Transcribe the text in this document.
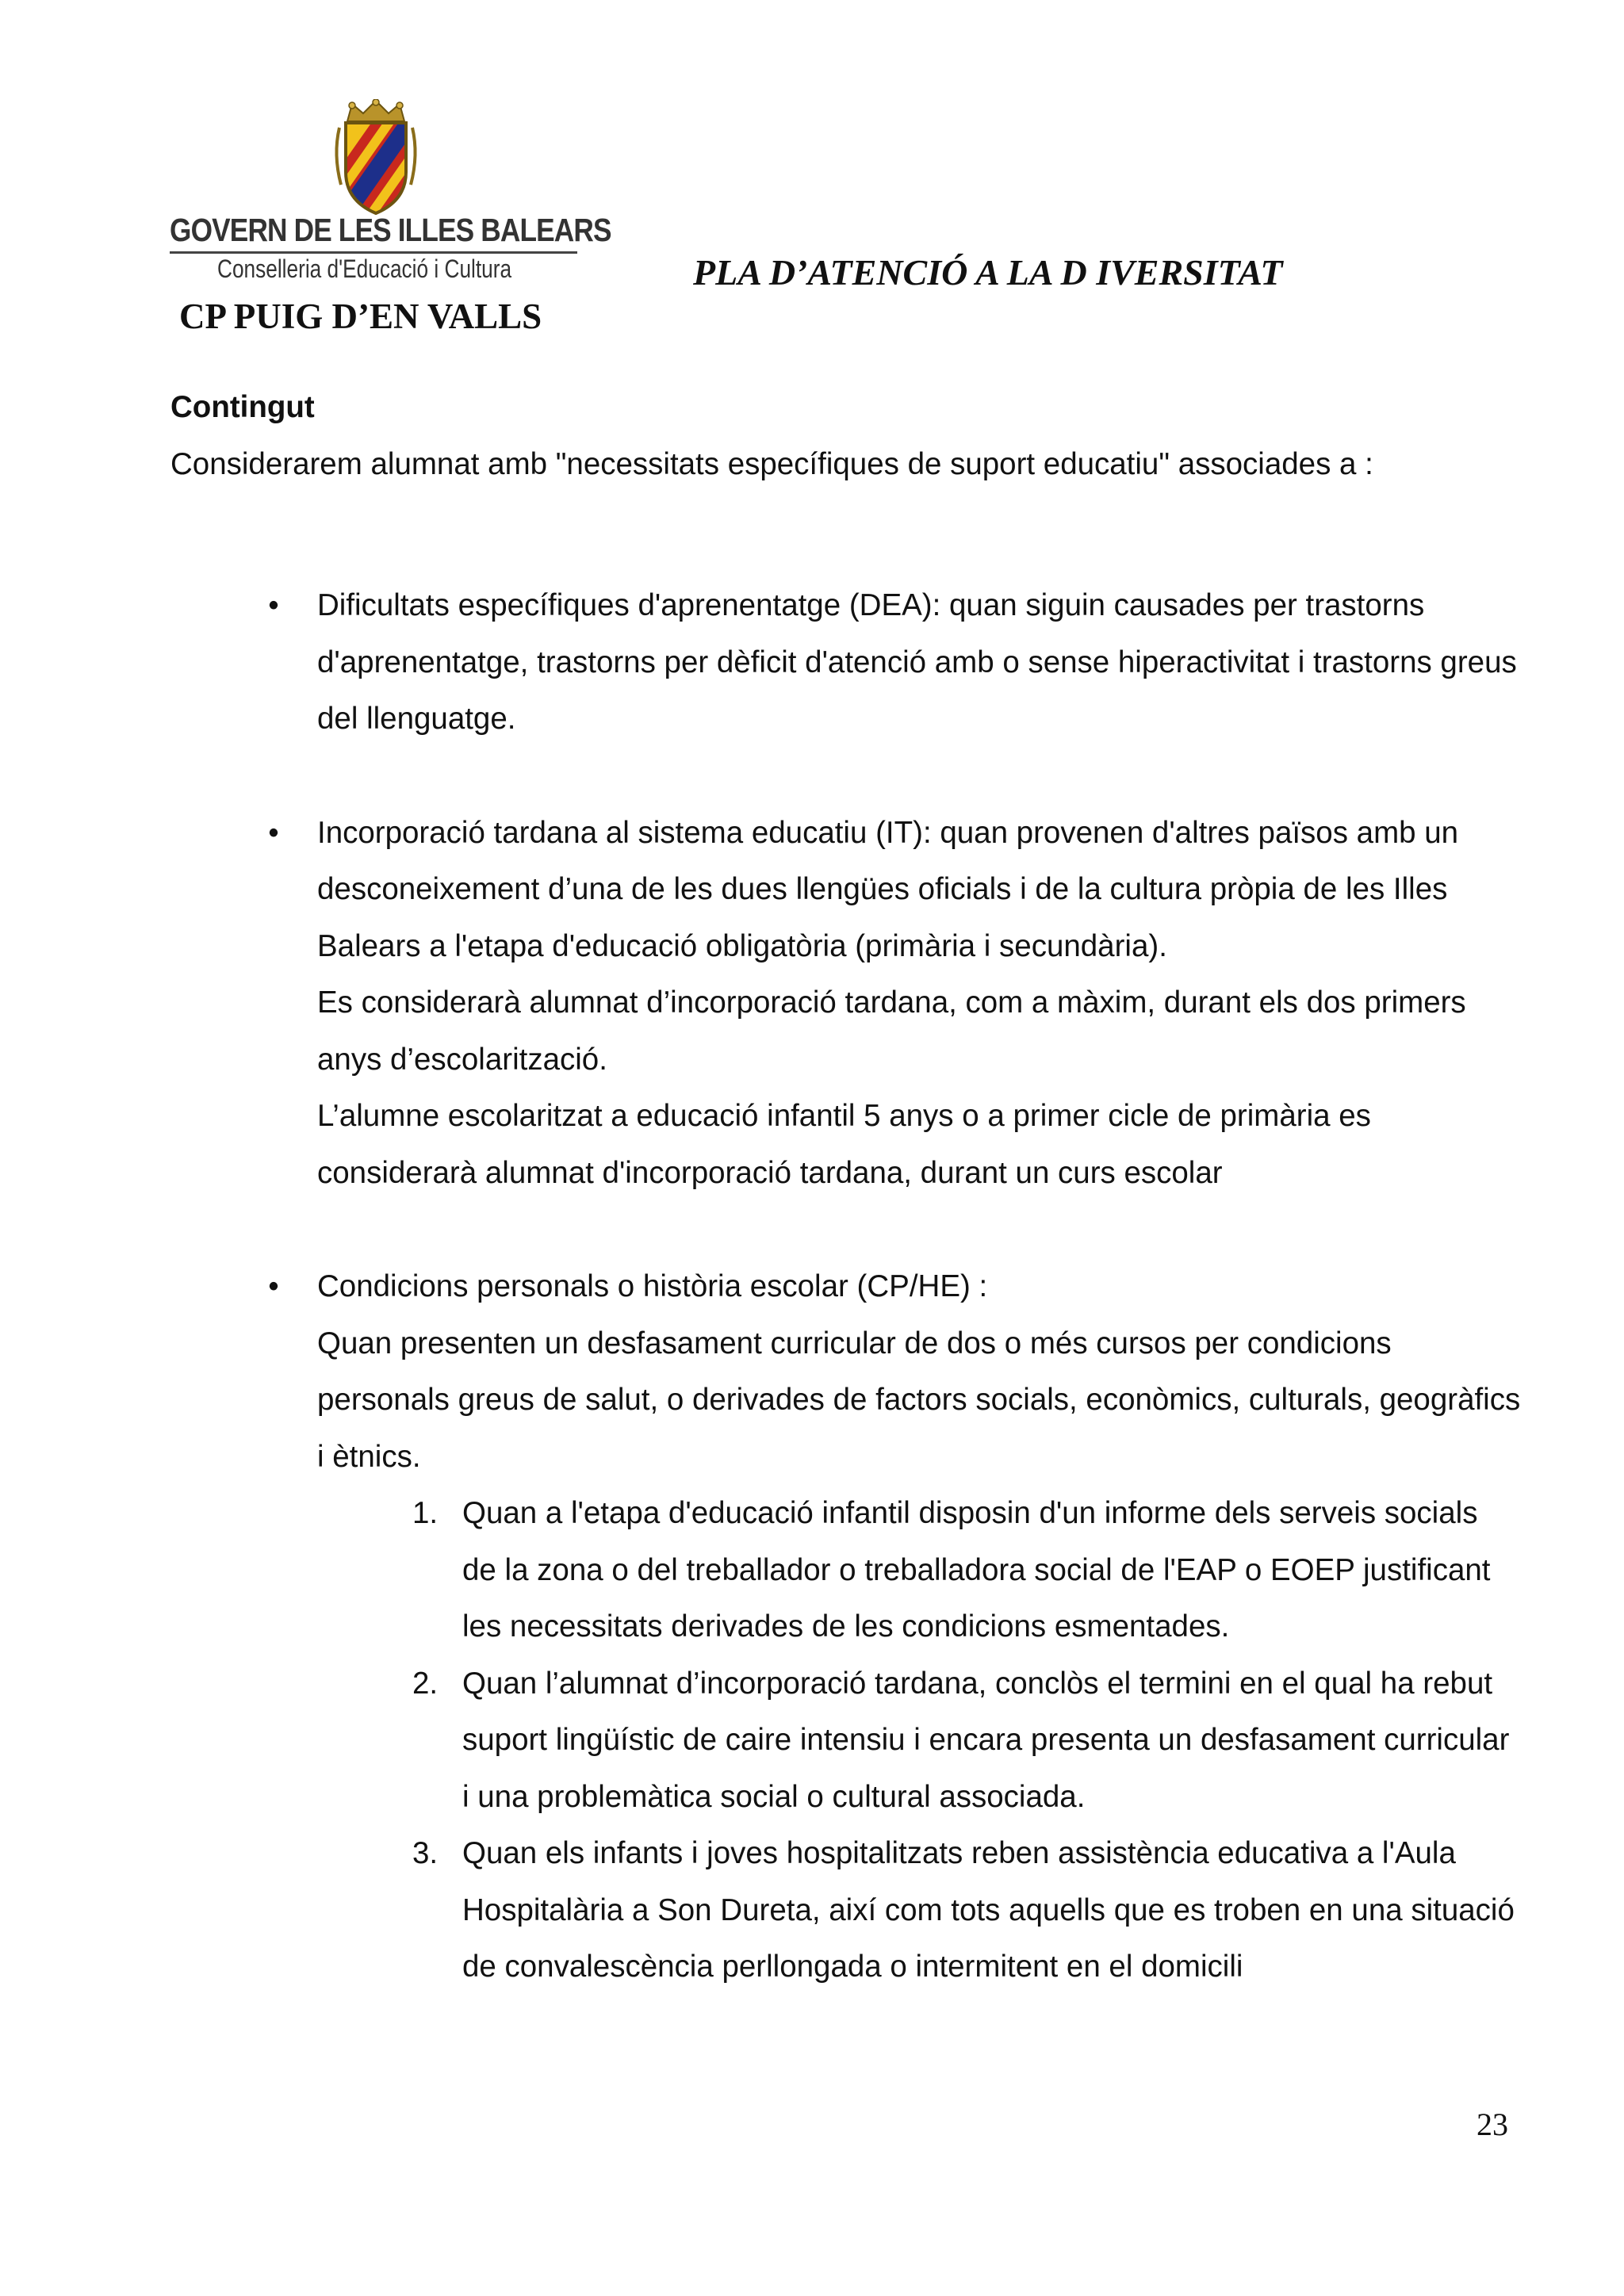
GOVERN DE LES ILLES BALEARS
Conselleria d'Educació i Cultura
CP PUIG D’EN VALLS
PLA D’ATENCIÓ A LA D IVERSITAT

Contingut

Considerarem alumnat amb "necessitats específiques de suport educatiu" associades a :

• Dificultats específiques d'aprenentatge (DEA): quan siguin causades per trastorns d'aprenentatge, trastorns per dèficit d'atenció amb o sense hiperactivitat i trastorns greus del llenguatge.

• Incorporació tardana al sistema educatiu (IT): quan provenen d'altres països amb un desconeixement d’una de les dues llengües oficials i de la cultura pròpia de les Illes Balears a l'etapa d'educació obligatòria (primària i secundària).

Es considerarà alumnat d’incorporació tardana, com a màxim, durant els dos primers anys d’escolarització.

L’alumne escolaritzat a educació infantil 5 anys o a primer cicle de primària es considerarà alumnat d'incorporació tardana, durant un curs escolar

• Condicions personals o història escolar (CP/HE) :

Quan presenten un desfasament curricular de dos o més cursos per condicions personals greus de salut, o derivades de factors socials, econòmics, culturals, geogràfics i ètnics.

1. Quan a l'etapa d'educació infantil disposin d'un informe dels serveis socials de la zona o del treballador o treballadora social de l'EAP o EOEP justificant les necessitats derivades de les condicions esmentades.

2. Quan l’alumnat d’incorporació tardana, conclòs el termini en el qual ha rebut suport lingüístic de caire intensiu i encara presenta un desfasament curricular i una problemàtica social o cultural associada.

3. Quan els infants i joves hospitalitzats reben assistència educativa a l'Aula Hospitalària a Son Dureta, així com tots aquells que es troben en una situació de convalescència perllongada o intermitent en el domicili

23
